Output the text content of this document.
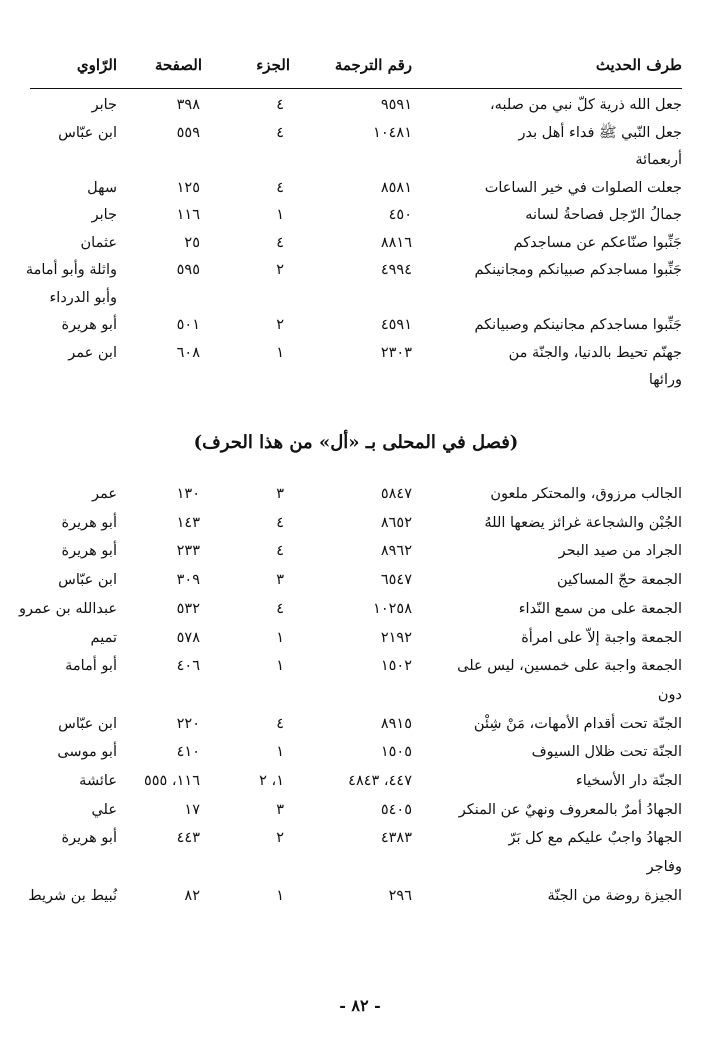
طرف الحديث
رقم الترجمة
الجزء
الصفحة
الرّاوي
جعل الله ذرية كلّ نبي من صلبه،
٩٥٩١
٤
٣٩٨
جابر
جعل النّبي ﷺ فداء أهل بدر
١٠٤٨١
٤
٥٥٩
ابن عبّاس
أربعمائة
جعلت الصلوات في خير الساعات
٨٥٨١
٤
١٢٥
سهل
جمالُ الرّجل فصاحةُ لسانه
٤٥٠
١
١١٦
جابر
جَنِّبوا صنّاعكم عن مساجدكم
٨٨١٦
٤
٢٥
عثمان
جَنِّبوا مساجدكم صبيانكم ومجانينكم
٤٩٩٤
٢
٥٩٥
واثلة وأبو أمامة
وأبو الدرداء
جَنِّبوا مساجدكم مجانينكم وصبيانكم
٤٥٩١
٢
٥٠١
أبو هريرة
جهنّم تحيط بالدنيا، والجنّة من
٢٣٠٣
١
٦٠٨
ابن عمر
ورائها
(فصل في المحلى بـ «أل» من هذا الحرف)
الجالب مرزوق، والمحتكر ملعون
٥٨٤٧
٣
١٣٠
عمر
الجُبْن والشجاعة غرائز يضعها اللهُ
٨٦٥٢
٤
١٤٣
أبو هريرة
الجراد من صيد البحر
٨٩٦٢
٤
٢٣٣
أبو هريرة
الجمعة حجّ المساكين
٦٥٤٧
٣
٣٠٩
ابن عبّاس
الجمعة على من سمع النّداء
١٠٢٥٨
٤
٥٣٢
عبدالله بن عمرو
الجمعة واجبة إلاّ على امرأة
٢١٩٢
١
٥٧٨
تميم
الجمعة واجبة على خمسين، ليس على
١٥٠٢
١
٤٠٦
أبو أمامة
دون
الجنّة تحت أقدام الأمهات، مَنْ شِئْن
٨٩١٥
٤
٢٢٠
ابن عبّاس
الجنّة تحت ظلال السيوف
١٥٠٥
١
٤١٠
أبو موسى
الجنّة دار الأسخياء
٤٤٧، ٤٨٤٣
١، ٢
١١٦، ٥٥٥
عائشة
الجهادُ أمرٌ بالمعروف ونهيٌ عن المنكر
٥٤٠٥
٣
١٧
علي
الجهادُ واجبٌ عليكم مع كل بَرّ
٤٣٨٣
٢
٤٤٣
أبو هريرة
وفاجر
الجيزة روضة من الجنّة
٢٩٦
١
٨٢
نُبيط بن شريط
- ٨٢ -
